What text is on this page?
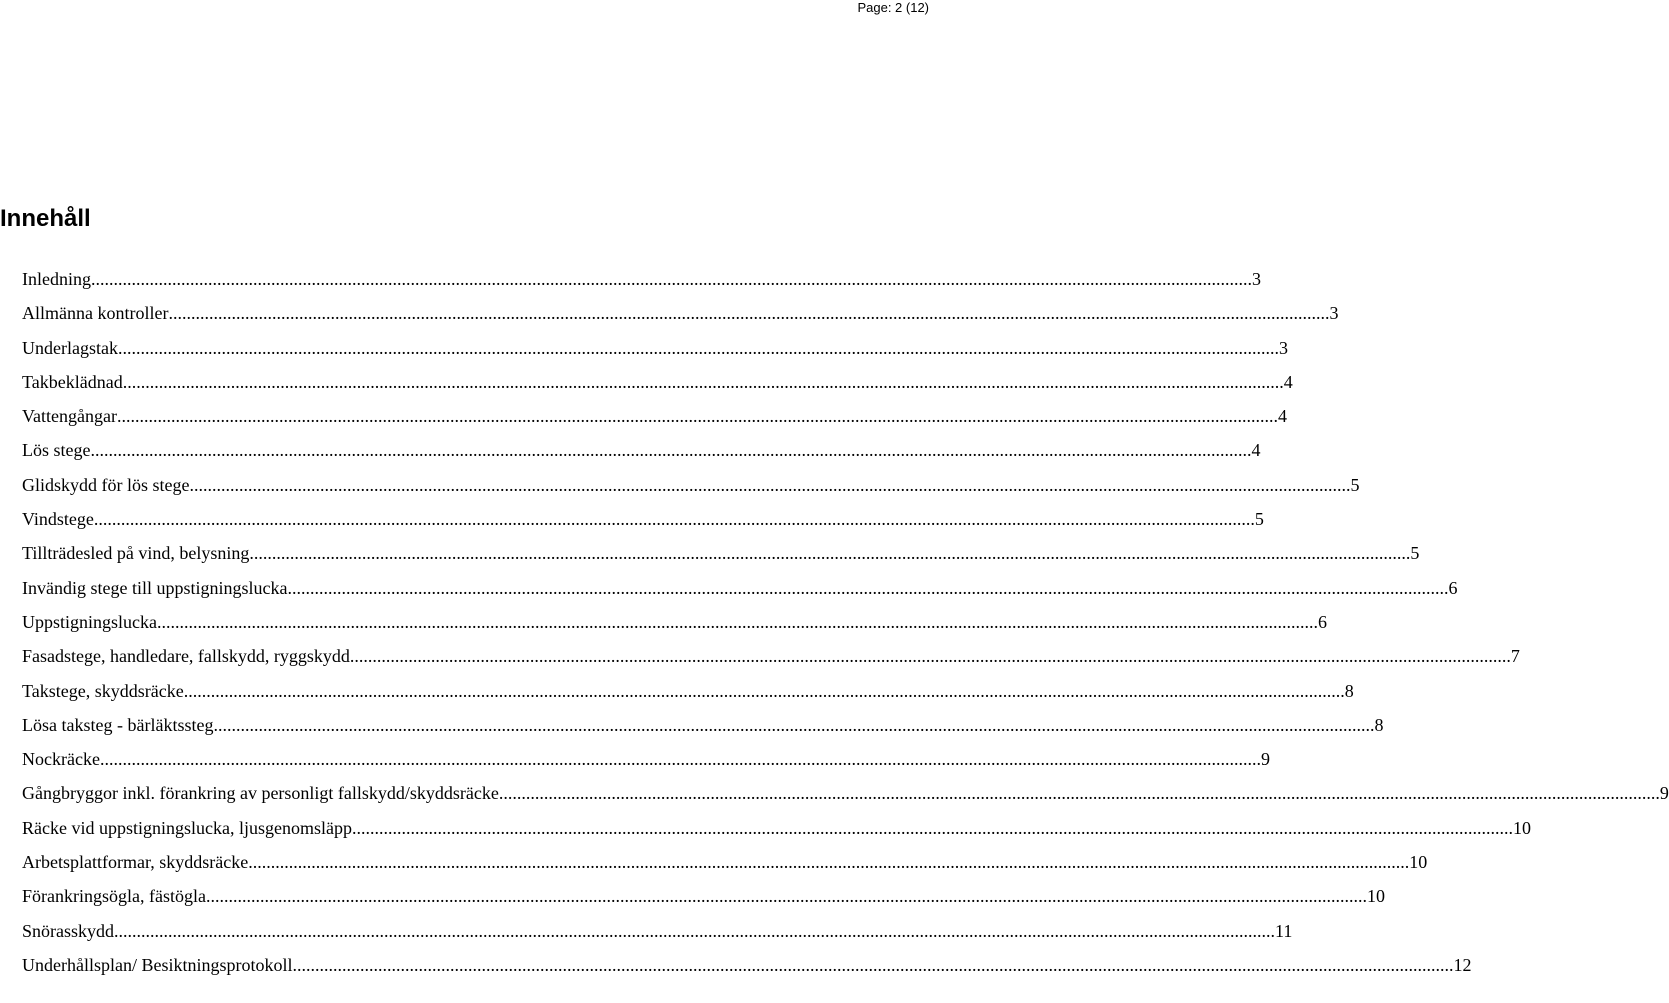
Page: 2 (12)
Innehåll
Inledning .....	3
Allmänna kontroller .....	3
Underlagstak .....	3
Takbeklädnad .....	4
Vattengångar .....	4
Lös stege .....	4
Glidskydd för lös stege .....	5
Vindstege .....	5
Tillträdesled på vind, belysning .....	5
Invändig stege till uppstigningslucka .....	6
Uppstigningslucka .....	6
Fasadstege, handledare, fallskydd, ryggskydd .....	7
Takstege, skyddsräcke .....	8
Lösa taksteg - bärläktssteg .....	8
Nockräcke .....	9
Gångbryggor inkl. förankring av personligt fallskydd/skyddsräcke .....	9
Räcke vid uppstigningslucka, ljusgenomsläpp .....	10
Arbetsplattformar, skyddsräcke .....	10
Förankringsögla, fästögla .....	10
Snörasskydd .....	11
Underhållsplan/ Besiktningsprotokoll .....	12
